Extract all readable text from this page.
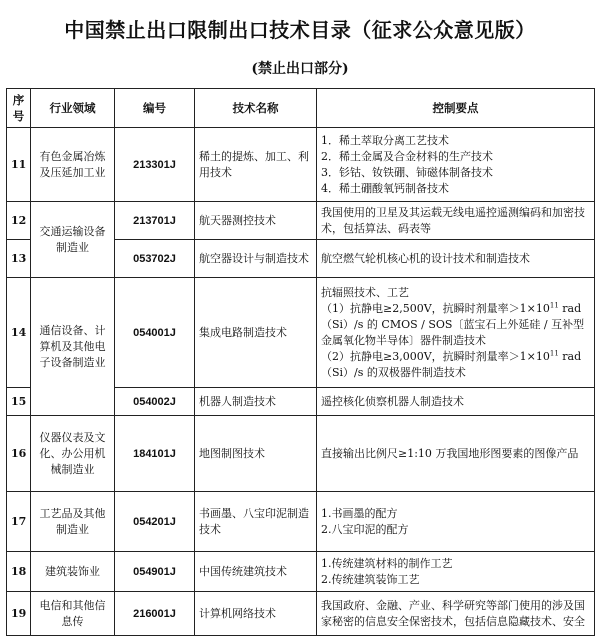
中国禁止出口限制出口技术目录（征求公众意见版）
(禁止出口部分)
序号	行业领域	编号	技术名称	控制要点
11	有色金属冶炼及压延加工业	213301J	稀土的提炼、加工、利用技术	1．稀土萃取分离工艺技术
2．稀土金属及合金材料的生产技术
3．钐钴、钕铁硼、铈磁体制备技术
4．稀土硼酸氧钙制备技术

12	交通运输设备制造业	213701J	航天器测控技术	我国使用的卫星及其运载无线电遥控遥测编码和加密技术，包括算法、码表等
13		053702J	航空器设计与制造技术	航空燃气轮机核心机的设计技术和制造技术
14	通信设备、计算机及其他电子设备制造业	054001J	集成电路制造技术	抗辐照技术、工艺
（1）抗静电≥2,500V，抗瞬时剂量率$>1\times 10^{11}$ rad（Si）/s 的 CMOS / SOS〔蓝宝石上外延硅 / 互补型金属氧化物半导体〕器件制造技术
（2）抗静电≥3,000V，抗瞬时剂量率$>1\times 10^{11}$ rad（Si）/s 的双极器件制造技术

15		054002J	机器人制造技术	遥控核化侦察机器人制造技术
16	仪器仪表及文化、办公用机械制造业	184101J	地图制图技术	直接输出比例尺≥1:10 万我国地形图要素的图像产品
17	工艺品及其他制造业	054201J	书画墨、八宝印泥制造技术	1.书画墨的配方
2.八宝印泥的配方

18	建筑装饰业	054901J	中国传统建筑技术	1.传统建筑材料的制作工艺
2.传统建筑装饰工艺

19	电信和其他信息传	216001J	计算机网络技术	我国政府、金融、产业、科学研究等部门使用的涉及国家秘密的信息安全保密技术，包括信息隐藏技术、安全
